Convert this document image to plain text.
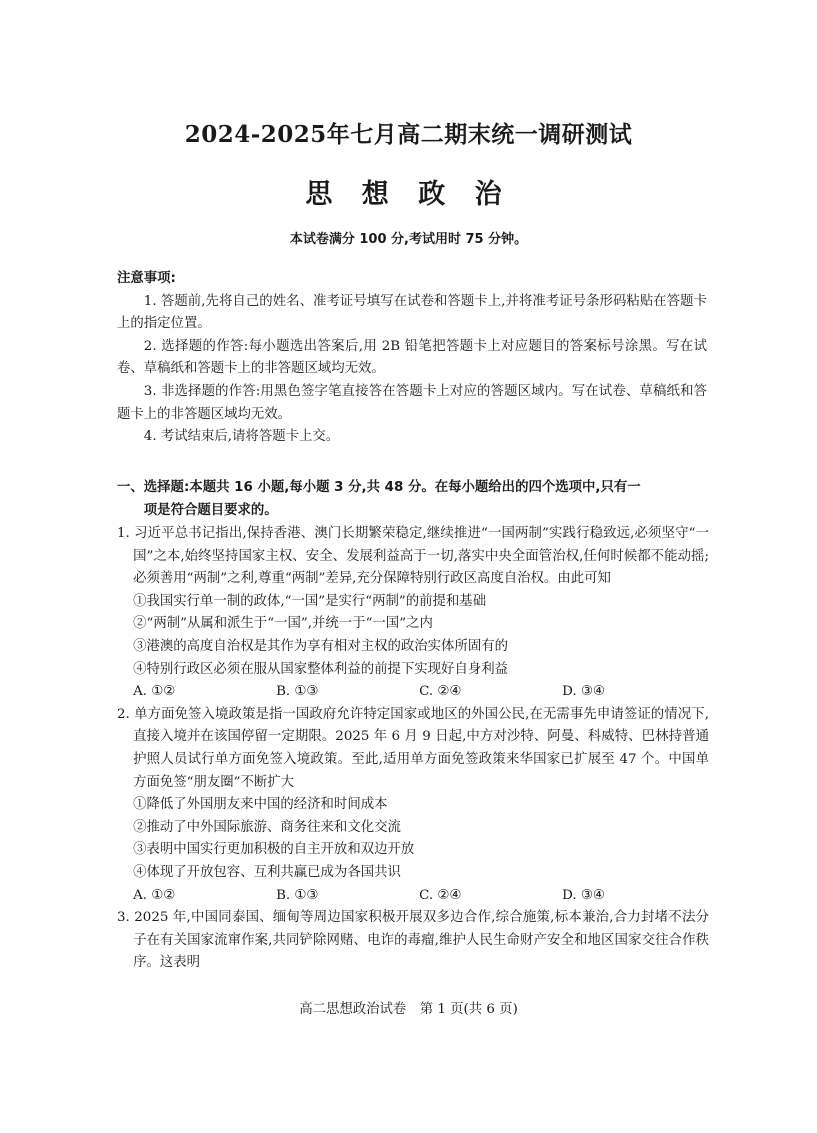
2024-2025年七月高二期末统一调研测试
思 想 政 治
本试卷满分 100 分,考试用时 75 分钟。
注意事项:

1. 答题前,先将自己的姓名、准考证号填写在试卷和答题卡上,并将准考证号条形码粘贴在答题卡上的指定位置。

2. 选择题的作答:每小题选出答案后,用 2B 铅笔把答题卡上对应题目的答案标号涂黑。写在试卷、草稿纸和答题卡上的非答题区域均无效。

3. 非选择题的作答:用黑色签字笔直接答在答题卡上对应的答题区域内。写在试卷、草稿纸和答题卡上的非答题区域均无效。

4. 考试结束后,请将答题卡上交。

一、选择题:本题共 16 小题,每小题 3 分,共 48 分。在每小题给出的四个选项中,只有一
项是符合题目要求的。

1. 习近平总书记指出,保持香港、澳门长期繁荣稳定,继续推进“一国两制”实践行稳致远,必须坚守“一国”之本,始终坚持国家主权、安全、发展利益高于一切,落实中央全面管治权,任何时候都不能动摇;必须善用“两制”之利,尊重“两制”差异,充分保障特别行政区高度自治权。由此可知

①我国实行单一制的政体,“一国”是实行“两制”的前提和基础

②“两制”从属和派生于“一国”,并统一于“一国”之内

③港澳的高度自治权是其作为享有相对主权的政治实体所固有的

④特别行政区必须在服从国家整体利益的前提下实现好自身利益

A. ①②	B. ①③	C. ②④	D. ③④

2. 单方面免签入境政策是指一国政府允许特定国家或地区的外国公民,在无需事先申请签证的情况下,直接入境并在该国停留一定期限。2025 年 6 月 9 日起,中方对沙特、阿曼、科威特、巴林持普通护照人员试行单方面免签入境政策。至此,适用单方面免签政策来华国家已扩展至 47 个。中国单方面免签“朋友圈”不断扩大

①降低了外国朋友来中国的经济和时间成本

②推动了中外国际旅游、商务往来和文化交流

③表明中国实行更加积极的自主开放和双边开放

④体现了开放包容、互利共赢已成为各国共识

A. ①②	B. ①③	C. ②④	D. ③④

3. 2025 年,中国同泰国、缅甸等周边国家积极开展双多边合作,综合施策,标本兼治,合力封堵不法分子在有关国家流窜作案,共同铲除网赌、电诈的毒瘤,维护人民生命财产安全和地区国家交往合作秩序。这表明

高二思想政治试卷　第 1 页(共 6 页)
